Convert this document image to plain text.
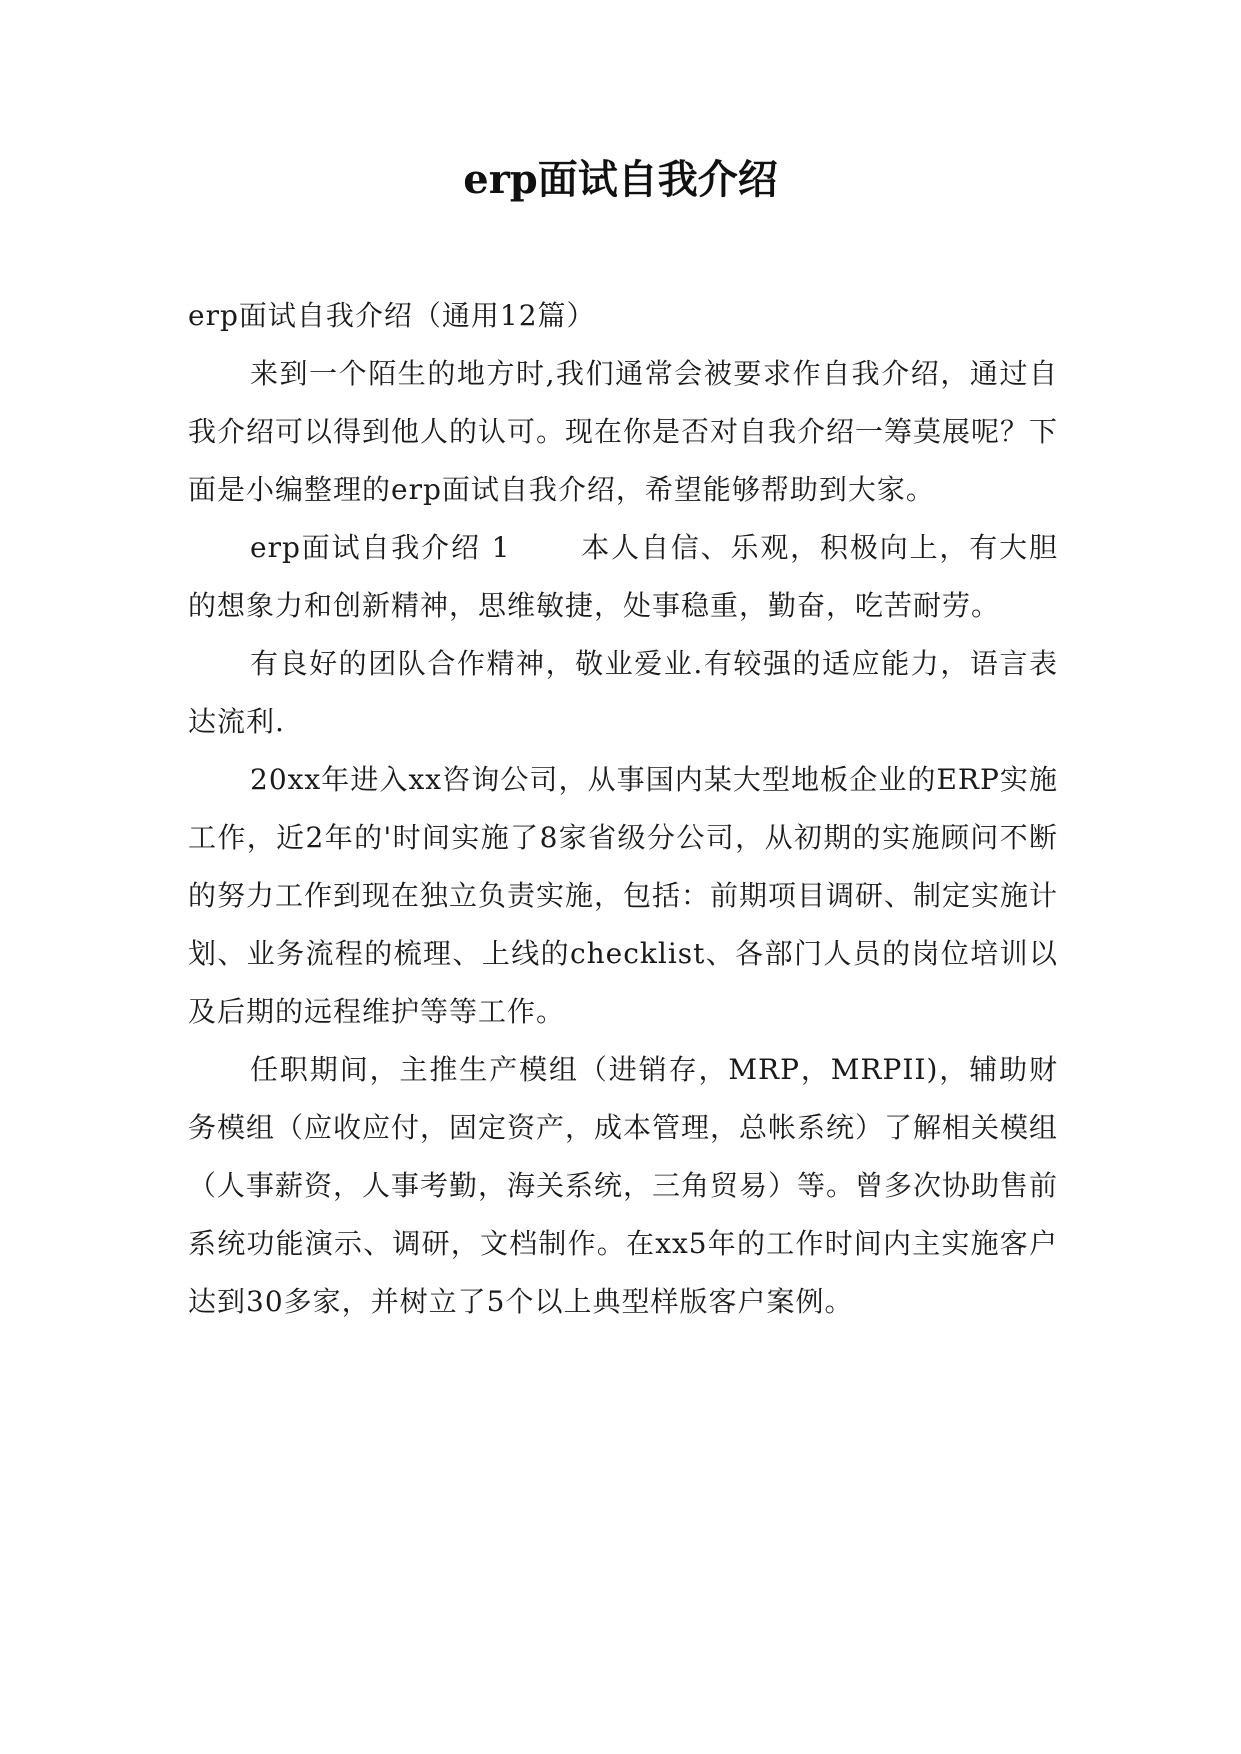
erp面试自我介绍

erp面试自我介绍（通用12篇）

来到一个陌生的地方时,我们通常会被要求作自我介绍，通过自我介绍可以得到他人的认可。现在你是否对自我介绍一筹莫展呢？下面是小编整理的erp面试自我介绍，希望能够帮助到大家。

erp面试自我介绍 1	本人自信、乐观，积极向上，有大胆的想象力和创新精神，思维敏捷，处事稳重，勤奋，吃苦耐劳。

有良好的团队合作精神，敬业爱业.有较强的适应能力，语言表达流利.

20xx年进入xx咨询公司，从事国内某大型地板企业的ERP实施工作，近2年的'时间实施了8家省级分公司，从初期的实施顾问不断的努力工作到现在独立负责实施，包括：前期项目调研、制定实施计划、业务流程的梳理、上线的checklist、各部门人员的岗位培训以及后期的远程维护等等工作。

任职期间，主推生产模组（进销存，MRP，MRPII)，辅助财务模组（应收应付，固定资产，成本管理，总帐系统）了解相关模组（人事薪资，人事考勤，海关系统，三角贸易）等。曾多次协助售前系统功能演示、调研，文档制作。在xx5年的工作时间内主实施客户达到30多家，并树立了5个以上典型样版客户案例。
